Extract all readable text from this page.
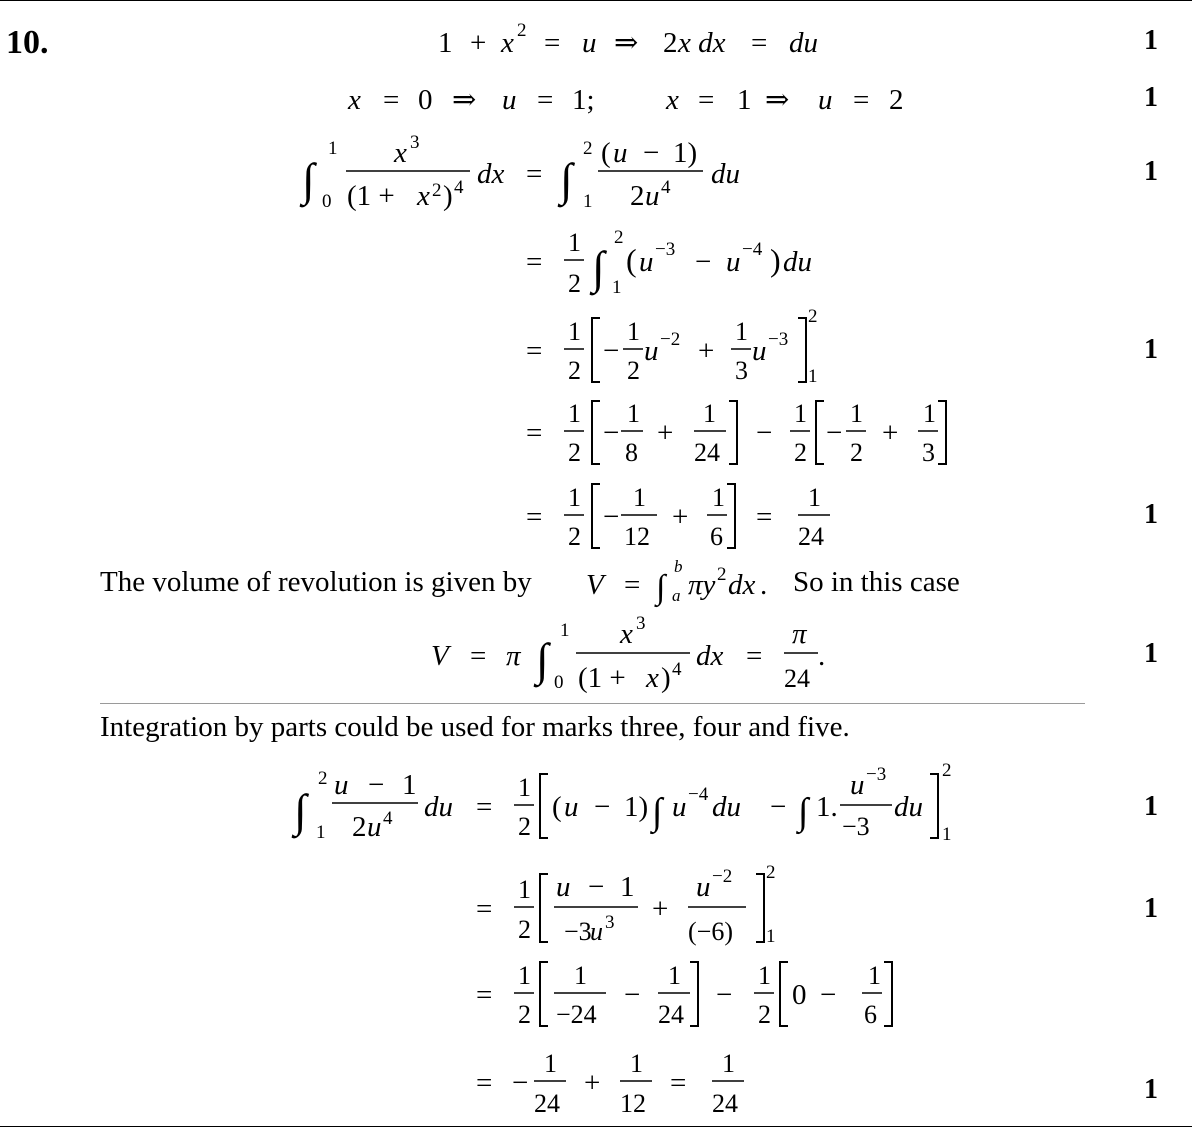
10.	1
1
1
1
1
1
1
1
1
1 + x 2 = u ⇒ 2 x dx = du
x = 0 ⇒ u = 1; x = 1 ⇒ u = 2
∫
1
0
x 3
(1 + x 2 ) 4 dx = ∫
2
1
( u − 1)
2 u 4 du
=
1
2 ∫
2
1
( u −3 − u −4 ) du
=
1
2
−
1
2
u −2 +
1
3
u −3
2
1
=
1
2
−
1
8
+
1
24
−
1
2
−
1
2
+
1
3
=
1
2
−
1
12
+
1
6
=
1
24
V = ∫
b
a πy 2 dx .
V = π ∫
1
0
x 3
(1 + x ) 4 dx =
π
24
.
The volume of revolution is given by	So in this case
Integration by parts could be used for marks three, four and five.
∫
2
1
u − 1
2 u 4 du =
1
2
( u − 1) ∫ u −4 du − ∫ 1.
u −3
−3
du
2
1
=
1
2
u − 1
−3
u 3 +
u −2
(−6)
2
1
=
1
2
1
−24
−
1
24
−
1
2
0 −
1
6
= −
1
24
+
1
12
=
1
24
